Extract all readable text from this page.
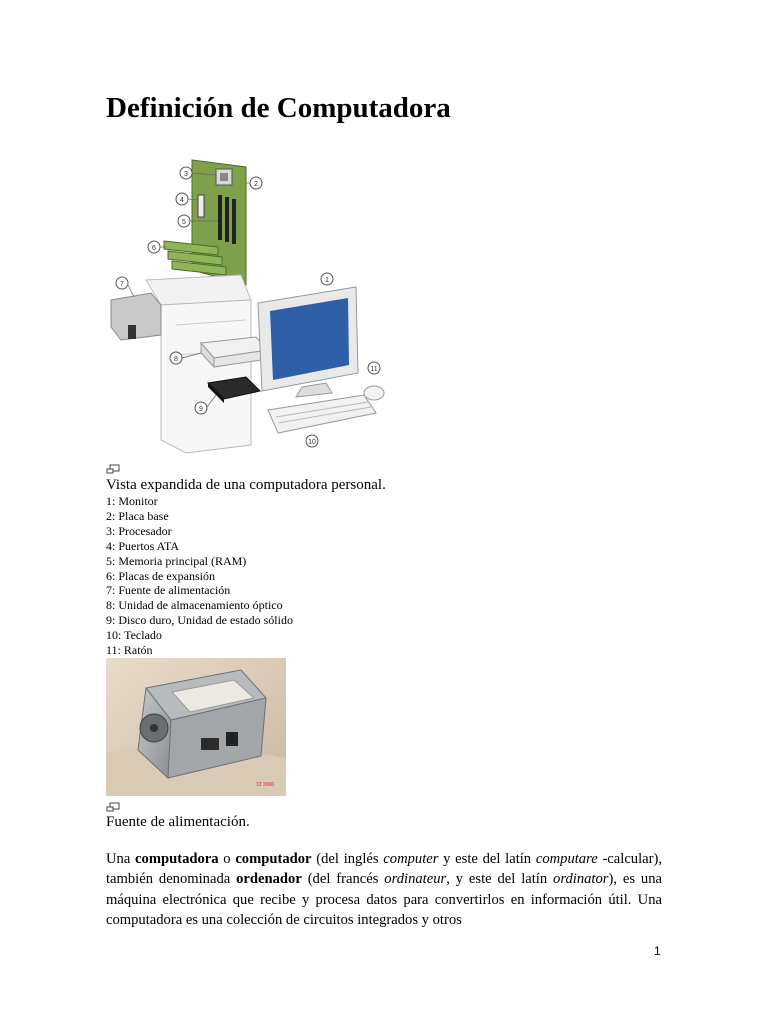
Definición de Computadora
1
2
3
4
5
6
7
8
9
10
11
Vista expandida de una computadora personal.
1: Monitor
2: Placa base
3: Procesador
4: Puertos ATA
5: Memoria principal (RAM)
6: Placas de expansión
7: Fuente de alimentación
8: Unidad de almacenamiento óptico
9: Disco duro, Unidad de estado sólido
10: Teclado
11: Ratón
12 2006
Fuente de alimentación.

Una computadora o computador (del inglés computer y este del latín computare -calcular), también denominada ordenador (del francés ordinateur, y este del latín ordinator), es una máquina electrónica que recibe y procesa datos para convertirlos en información útil. Una computadora es una colección de circuitos integrados y otros

1
